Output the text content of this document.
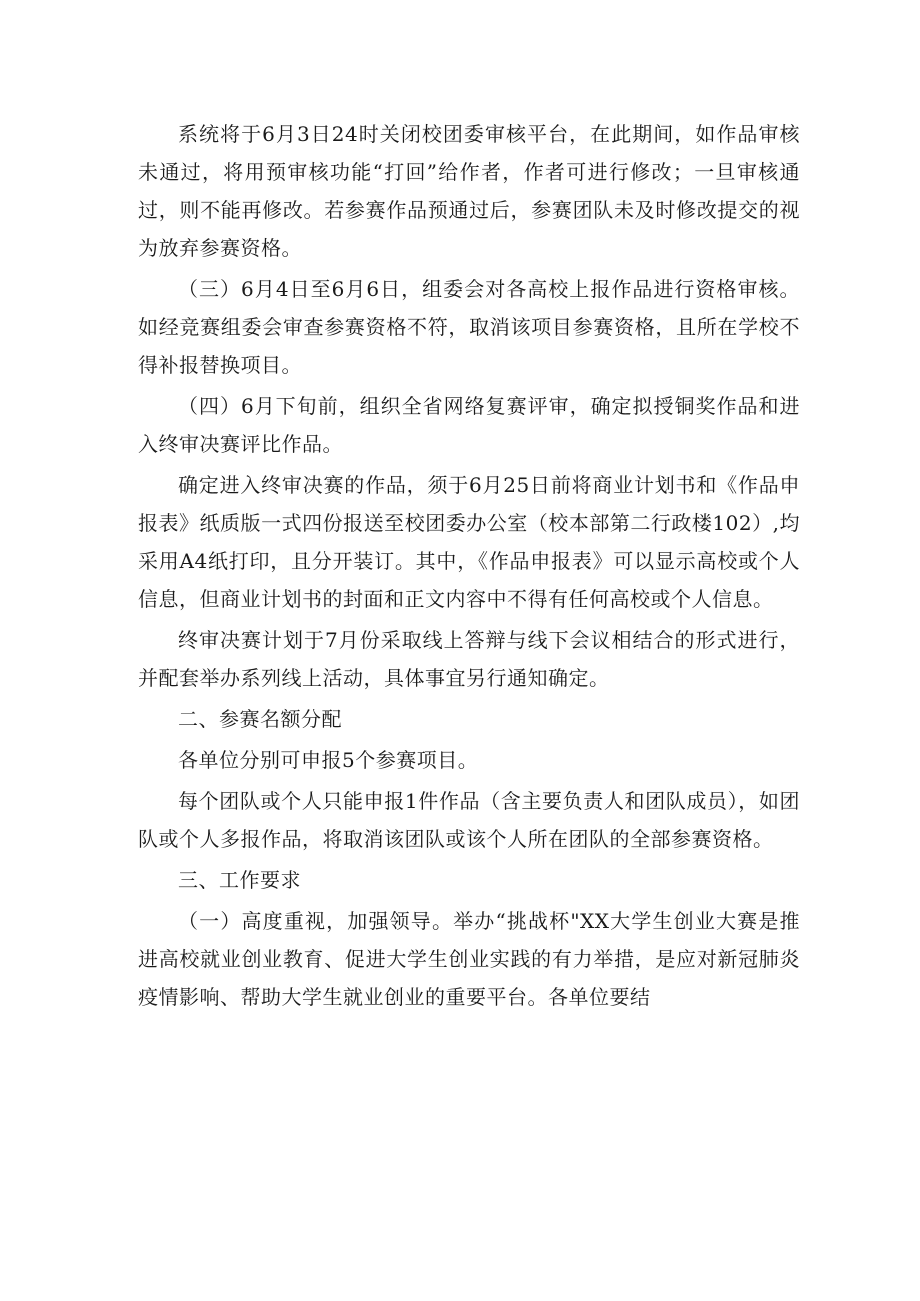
系统将于6月3日24时关闭校团委审核平台，在此期间，如作品审核未通过，将用预审核功能“打回”给作者，作者可进行修改；一旦审核通过，则不能再修改。若参赛作品预通过后，参赛团队未及时修改提交的视为放弃参赛资格。

（三）6月4日至6月6日，组委会对各高校上报作品进行资格审核。如经竞赛组委会审查参赛资格不符，取消该项目参赛资格，且所在学校不得补报替换项目。

（四）6月下旬前，组织全省网络复赛评审，确定拟授铜奖作品和进入终审决赛评比作品。

确定进入终审决赛的作品，须于6月25日前将商业计划书和《作品申报表》纸质版一式四份报送至校团委办公室（校本部第二行政楼102）,均采用A4纸打印，且分开装订。其中，《作品申报表》可以显示高校或个人信息，但商业计划书的封面和正文内容中不得有任何高校或个人信息。

终审决赛计划于7月份采取线上答辩与线下会议相结合的形式进行，并配套举办系列线上活动，具体事宜另行通知确定。

二、参赛名额分配

各单位分别可申报5个参赛项目。

每个团队或个人只能申报1件作品（含主要负责人和团队成员），如团队或个人多报作品，将取消该团队或该个人所在团队的全部参赛资格。

三、工作要求

（一）高度重视，加强领导。举办“挑战杯"XX大学生创业大赛是推进高校就业创业教育、促进大学生创业实践的有力举措，是应对新冠肺炎疫情影响、帮助大学生就业创业的重要平台。各单位要结
